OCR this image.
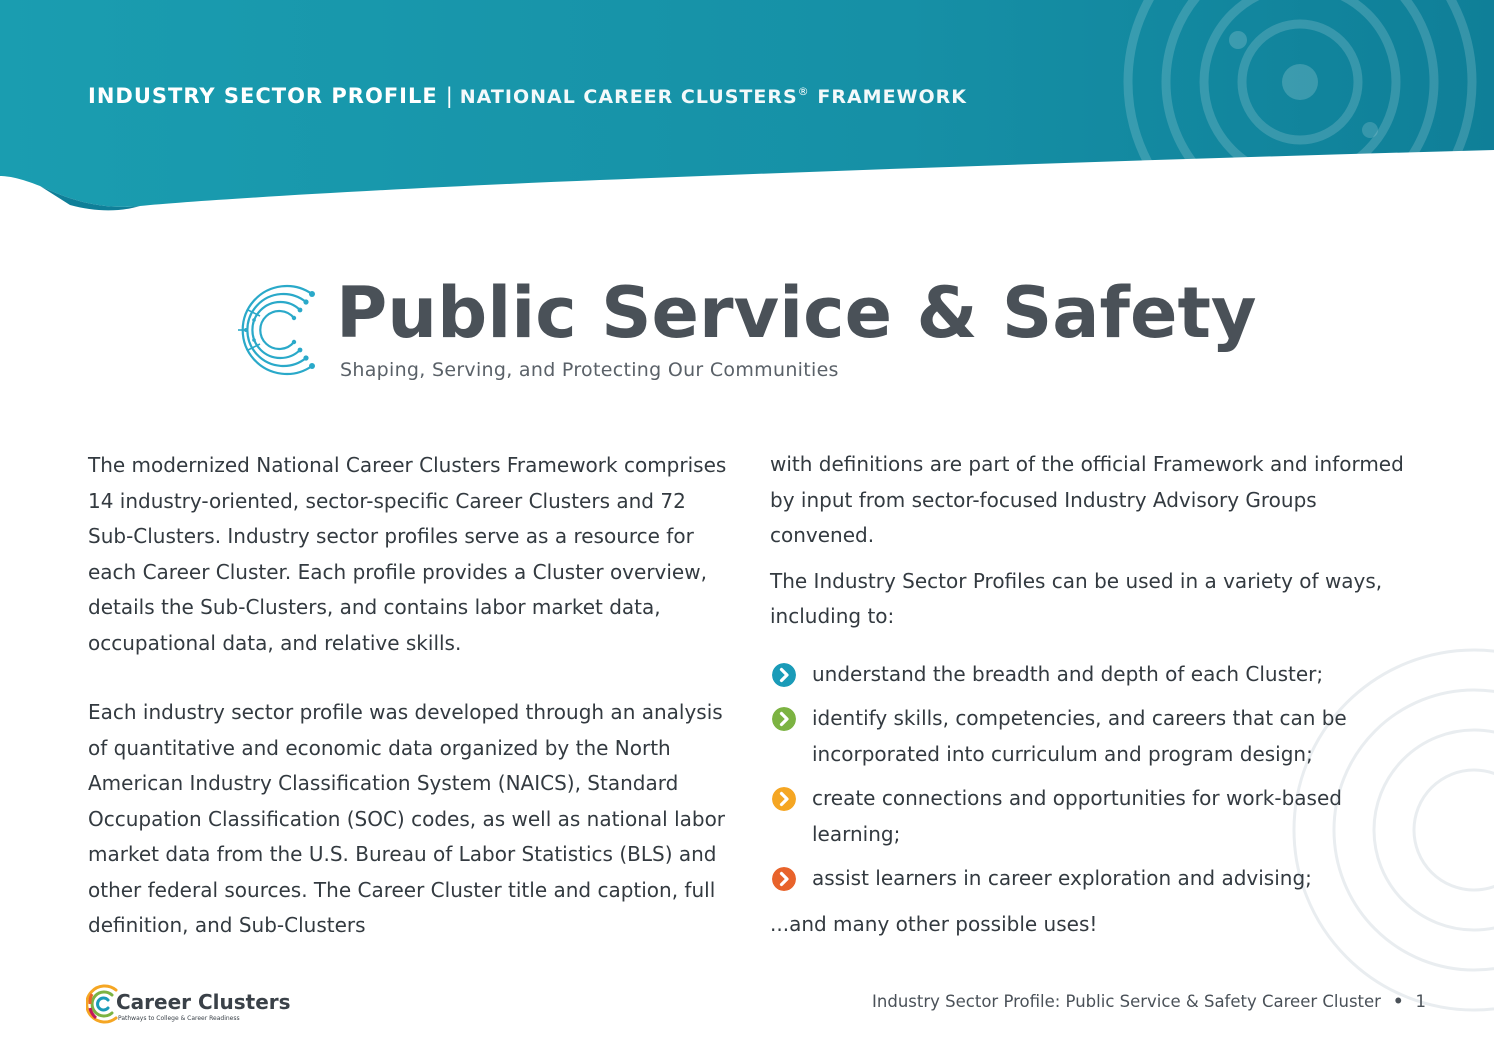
INDUSTRY SECTOR PROFILE | NATIONAL CAREER CLUSTERS® FRAMEWORK
Public Service & Safety
Shaping, Serving, and Protecting Our Communities

The modernized National Career Clusters Framework comprises 14 industry-oriented, sector-specific Career Clusters and 72 Sub-Clusters. Industry sector profiles serve as a resource for each Career Cluster. Each profile provides a Cluster overview, details the Sub-Clusters, and contains labor market data, occupational data, and relative skills.

Each industry sector profile was developed through an analysis of quantitative and economic data organized by the North American Industry Classification System (NAICS), Standard Occupation Classification (SOC) codes, as well as national labor market data from the U.S. Bureau of Labor Statistics (BLS) and other federal sources. The Career Cluster title and caption, full definition, and Sub-Clusters

with definitions are part of the official Framework and informed by input from sector-focused Industry Advisory Groups convened.

The Industry Sector Profiles can be used in a variety of ways, including to:

understand the breadth and depth of each Cluster;
identify skills, competencies, and careers that can be incorporated into curriculum and program design;
create connections and opportunities for work-based learning;
assist learners in career exploration and advising;

...and many other possible uses!

Career Clusters
Pathways to College & Career Readiness
Industry Sector Profile: Public Service & Safety Career Cluster • 1
